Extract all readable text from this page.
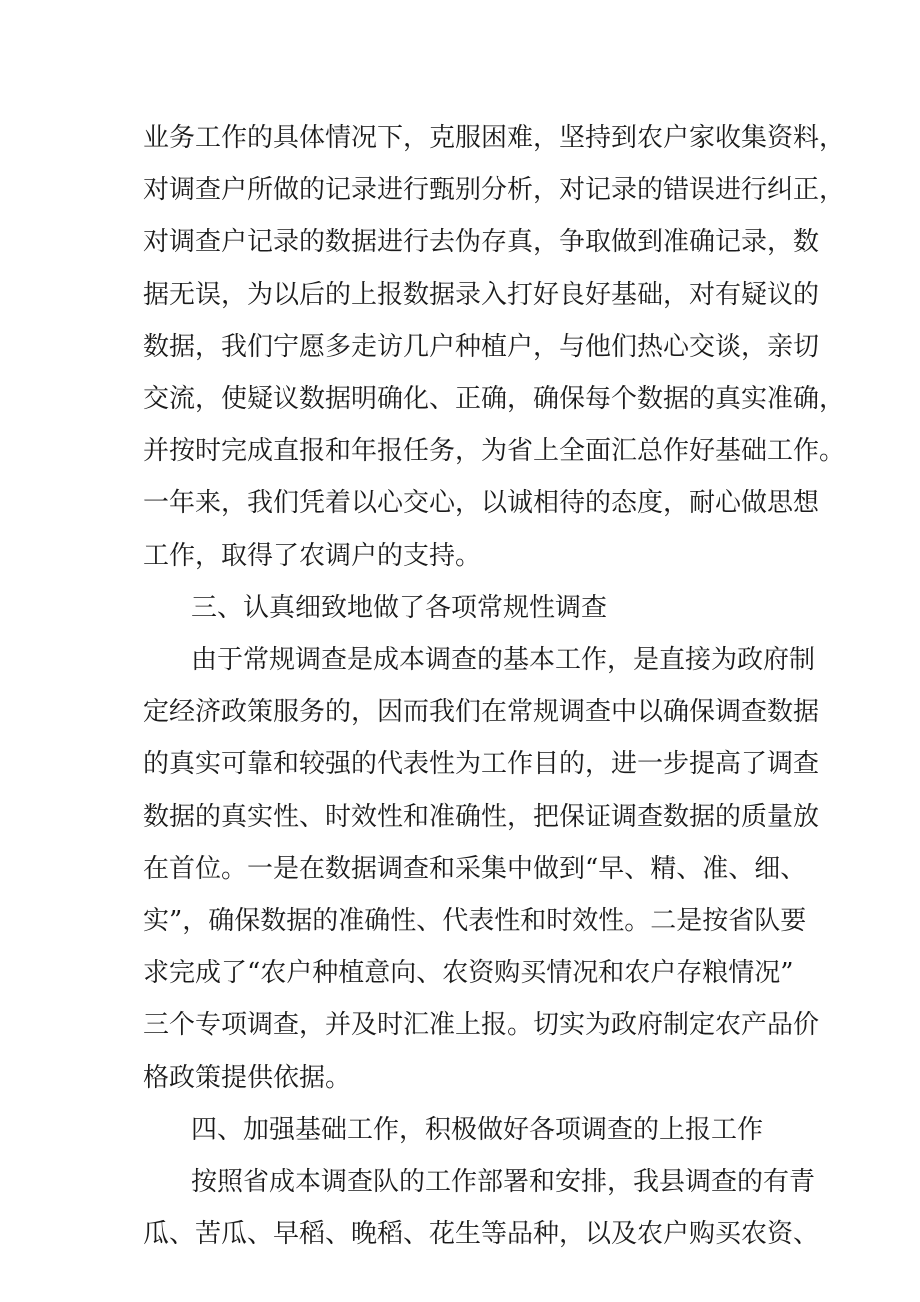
业务工作的具体情况下，克服困难，坚持到农户家收集资料，
对调查户所做的记录进行甄别分析，对记录的错误进行纠正，
对调查户记录的数据进行去伪存真，争取做到准确记录，数
据无误，为以后的上报数据录入打好良好基础，对有疑议的
数据，我们宁愿多走访几户种植户，与他们热心交谈，亲切
交流，使疑议数据明确化、正确，确保每个数据的真实准确，
并按时完成直报和年报任务，为省上全面汇总作好基础工作。
一年来，我们凭着以心交心，以诚相待的态度，耐心做思想
工作，取得了农调户的支持。
三、认真细致地做了各项常规性调查
由于常规调查是成本调查的基本工作，是直接为政府制
定经济政策服务的，因而我们在常规调查中以确保调查数据
的真实可靠和较强的代表性为工作目的，进一步提高了调查
数据的真实性、时效性和准确性，把保证调查数据的质量放
在首位。一是在数据调查和采集中做到“早、精、准、细、
实”，确保数据的准确性、代表性和时效性。二是按省队要
求完成了“农户种植意向、农资购买情况和农户存粮情况”
三个专项调查，并及时汇准上报。切实为政府制定农产品价
格政策提供依据。
四、加强基础工作，积极做好各项调查的上报工作
按照省成本调查队的工作部署和安排，我县调查的有青
瓜、苦瓜、早稻、晚稻、花生等品种，以及农户购买农资、
